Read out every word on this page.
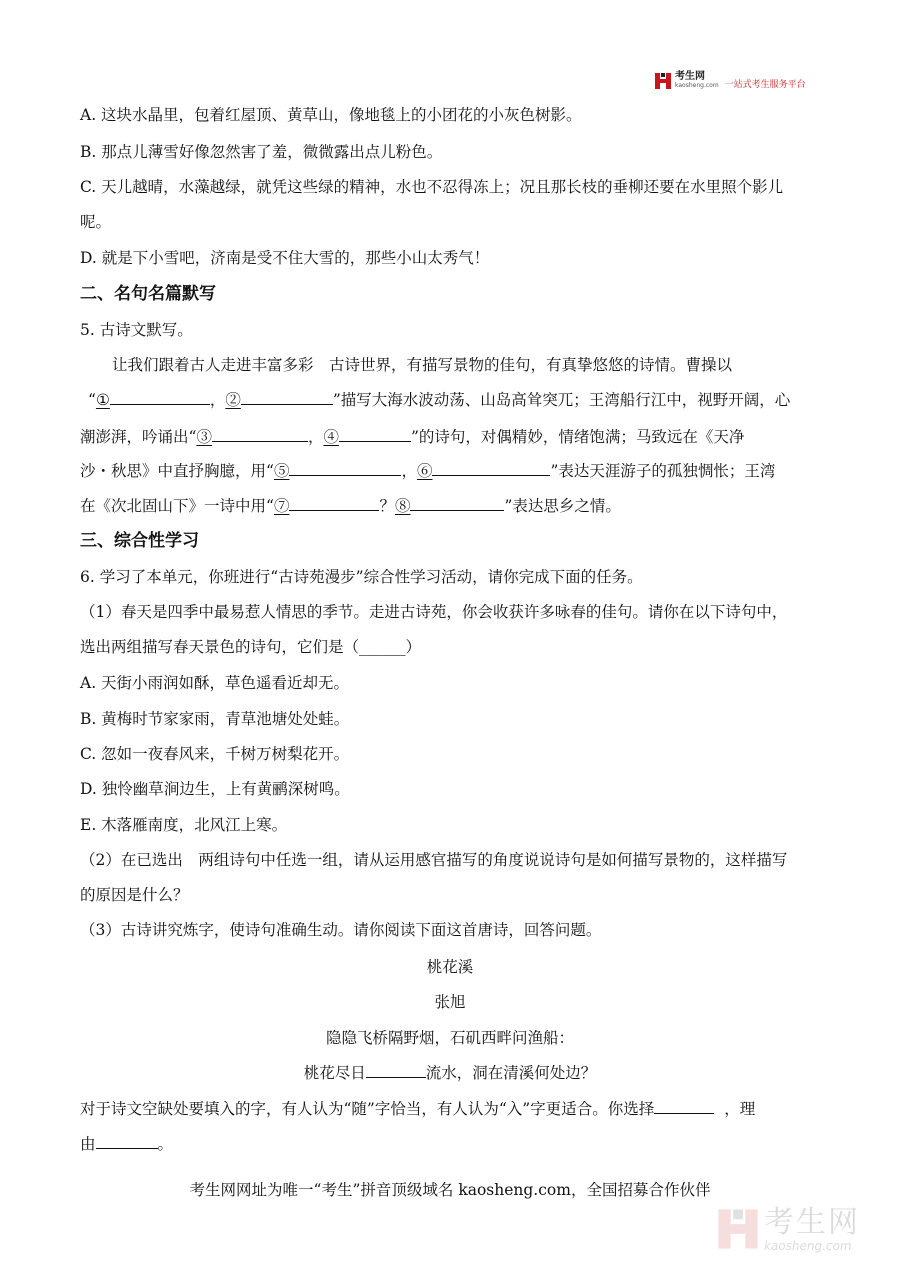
考生网
kaosheng.com 一站式考生服务平台
A. 这块水晶里，包着红屋顶、黄草山，像地毯上的小团花的小灰色树影。
B. 那点儿薄雪好像忽然害了羞，微微露出点儿粉色。
C. 天儿越晴，水藻越绿，就凭这些绿的精神，水也不忍得冻上；况且那长枝的垂柳还要在水里照个影儿
呢。
D. 就是下小雪吧，济南是受不住大雪的，那些小山太秀气！
二、名句名篇默写
5. 古诗文默写。
让我们跟着古人走进丰富多彩　古诗世界，有描写景物的佳句，有真挚悠悠的诗情。曹操以
“①	，②	”描写大海水波动荡、山岛高耸突兀；王湾船行江中，视野开阔，心
潮澎湃，吟诵出“③	，④	”的诗句，对偶精妙，情绪饱满；马致远在《天净
沙・秋思》中直抒胸臆，用“⑤	，⑥	”表达天涯游子的孤独惆怅；王湾
在《次北固山下》一诗中用“⑦	？⑧	”表达思乡之情。
三、综合性学习
6. 学习了本单元，你班进行“古诗苑漫步”综合性学习活动，请你完成下面的任务。
（1）春天是四季中最易惹人情思的季节。走进古诗苑，你会收获许多咏春的佳句。请你在以下诗句中，
选出两组描写春天景色的诗句，它们是（______）
A. 天街小雨润如酥，草色遥看近却无。
B. 黄梅时节家家雨，青草池塘处处蛙。
C. 忽如一夜春风来，千树万树梨花开。
D. 独怜幽草涧边生，上有黄鹂深树鸣。
E. 木落雁南度，北风江上寒。
（2）在已选出　两组诗句中任选一组，请从运用感官描写的角度说说诗句是如何描写景物的，这样描写
的原因是什么？
（3）古诗讲究炼字，使诗句准确生动。请你阅读下面这首唐诗，回答问题。
桃花溪
张旭
隐隐飞桥隔野烟，石矶西畔问渔船：
桃花尽日	流水，洞在清溪何处边？
对于诗文空缺处要填入的字，有人认为“随”字恰当，有人认为“入”字更适合。你选择	，理
由	。
考生网网址为唯一“考生”拼音顶级域名 kaosheng.com，全国招募合作伙伴
考生网
kaosheng.com
